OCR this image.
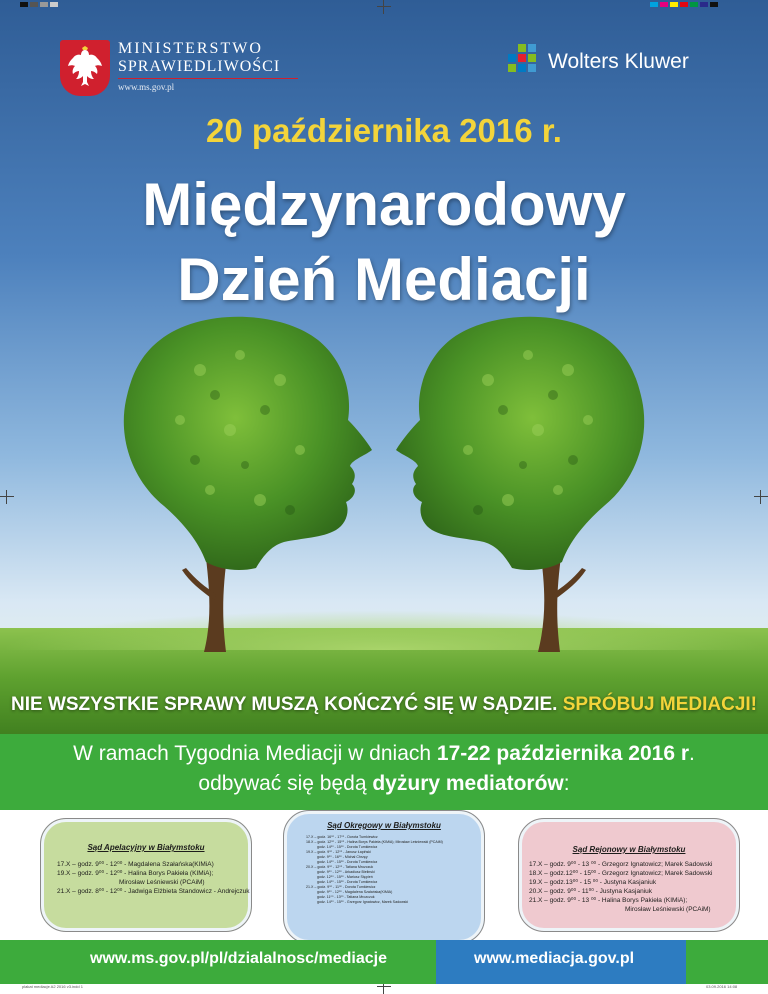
MINISTERSTWO
SPRAWIEDLIWOŚCI
www.ms.gov.pl
Wolters Kluwer
20 października 2016 r.
Międzynarodowy
Dzień Mediacji
NIE WSZYSTKIE SPRAWY MUSZĄ KOŃCZYĆ SIĘ W SĄDZIE. SPRÓBUJ MEDIACJI!
W ramach Tygodnia Mediacji w dniach 17-22 października 2016 r.
odbywać się będą dyżury mediatorów:
Sąd Apelacyjny w Białymstoku
17.X – godz. 9⁰⁰ - 12⁰⁰ - Magdalena Szałańska(KIMiA)
19.X – godz. 9⁰⁰ - 12⁰⁰ - Halina Borys Pakieła (KIMiA);
Mirosław Leśniewski (PCAiM)
21.X – godz. 8⁰⁰ - 12⁰⁰ - Jadwiga Elżbieta Standowicz - Andrejczuk
Sąd Okręgowy w Białymstoku
17.X – godz. 16⁰⁰ - 17⁰⁰ - Dorota Tumkiewicz
18.X – godz. 12⁰⁰ - 15⁰⁰ - Halina Borys Pakieła (KIMiA); Mirosław Leśniewski (PCAiM)
godz. 14⁰⁰ - 15⁰⁰ - Dorota Tumkiewicz
19.X – godz. 9⁰⁰ - 12⁰⁰ - Janusz Łapiński
godz. 9⁰⁰ - 16⁰⁰ - Michał Chrzęy
godz. 14⁰⁰ - 15⁰⁰ - Dorota Tumkiewicz
20.X – godz. 9⁰⁰ - 12⁰⁰ - Tatiana Mrozczuk
godz. 9⁰⁰ - 12⁰⁰ - Arkadiusz Bielinski
godz. 12⁰⁰ - 15⁰⁰ - Mariusz Stępień
godz. 14⁰⁰ - 15⁰⁰ - Dorota Tumkiewicz
21.X – godz. 9⁰⁰ - 11⁰⁰ - Dorota Tumkiewicz
godz. 9⁰⁰ - 12⁰⁰ - Magdalena Szałańska(KIMiA)
godz. 11⁰⁰ - 13⁰⁰ - Tatiana Mrozczuk
godz. 14⁰⁰ - 15⁰⁰ - Grzegorz Ignatowicz, Marek Sadowski
Sąd Rejonowy w Białymstoku
17.X – godz. 9⁰⁰ - 13 ⁰⁰ - Grzegorz Ignatowicz; Marek Sadowski
18.X – godz.12⁰⁰ - 15⁰⁰ - Grzegorz Ignatowicz; Marek Sadowski
19.X – godz.13⁰⁰ - 15 ⁰⁰ - Justyna Kasjaniuk
20.X – godz. 9⁰⁰ - 11⁰⁰ - Justyna Kasjaniuk
21.X – godz. 9⁰⁰ - 13 ⁰⁰ - Halina Borys Pakieła (KIMiA);
Mirosław Leśniewski (PCAiM)
www.ms.gov.pl/pl/dzialalnosc/mediacje	www.mediacja.gov.pl
plakat mediacje A2 2016 v3.indd 1	03.09.2016 14:08
